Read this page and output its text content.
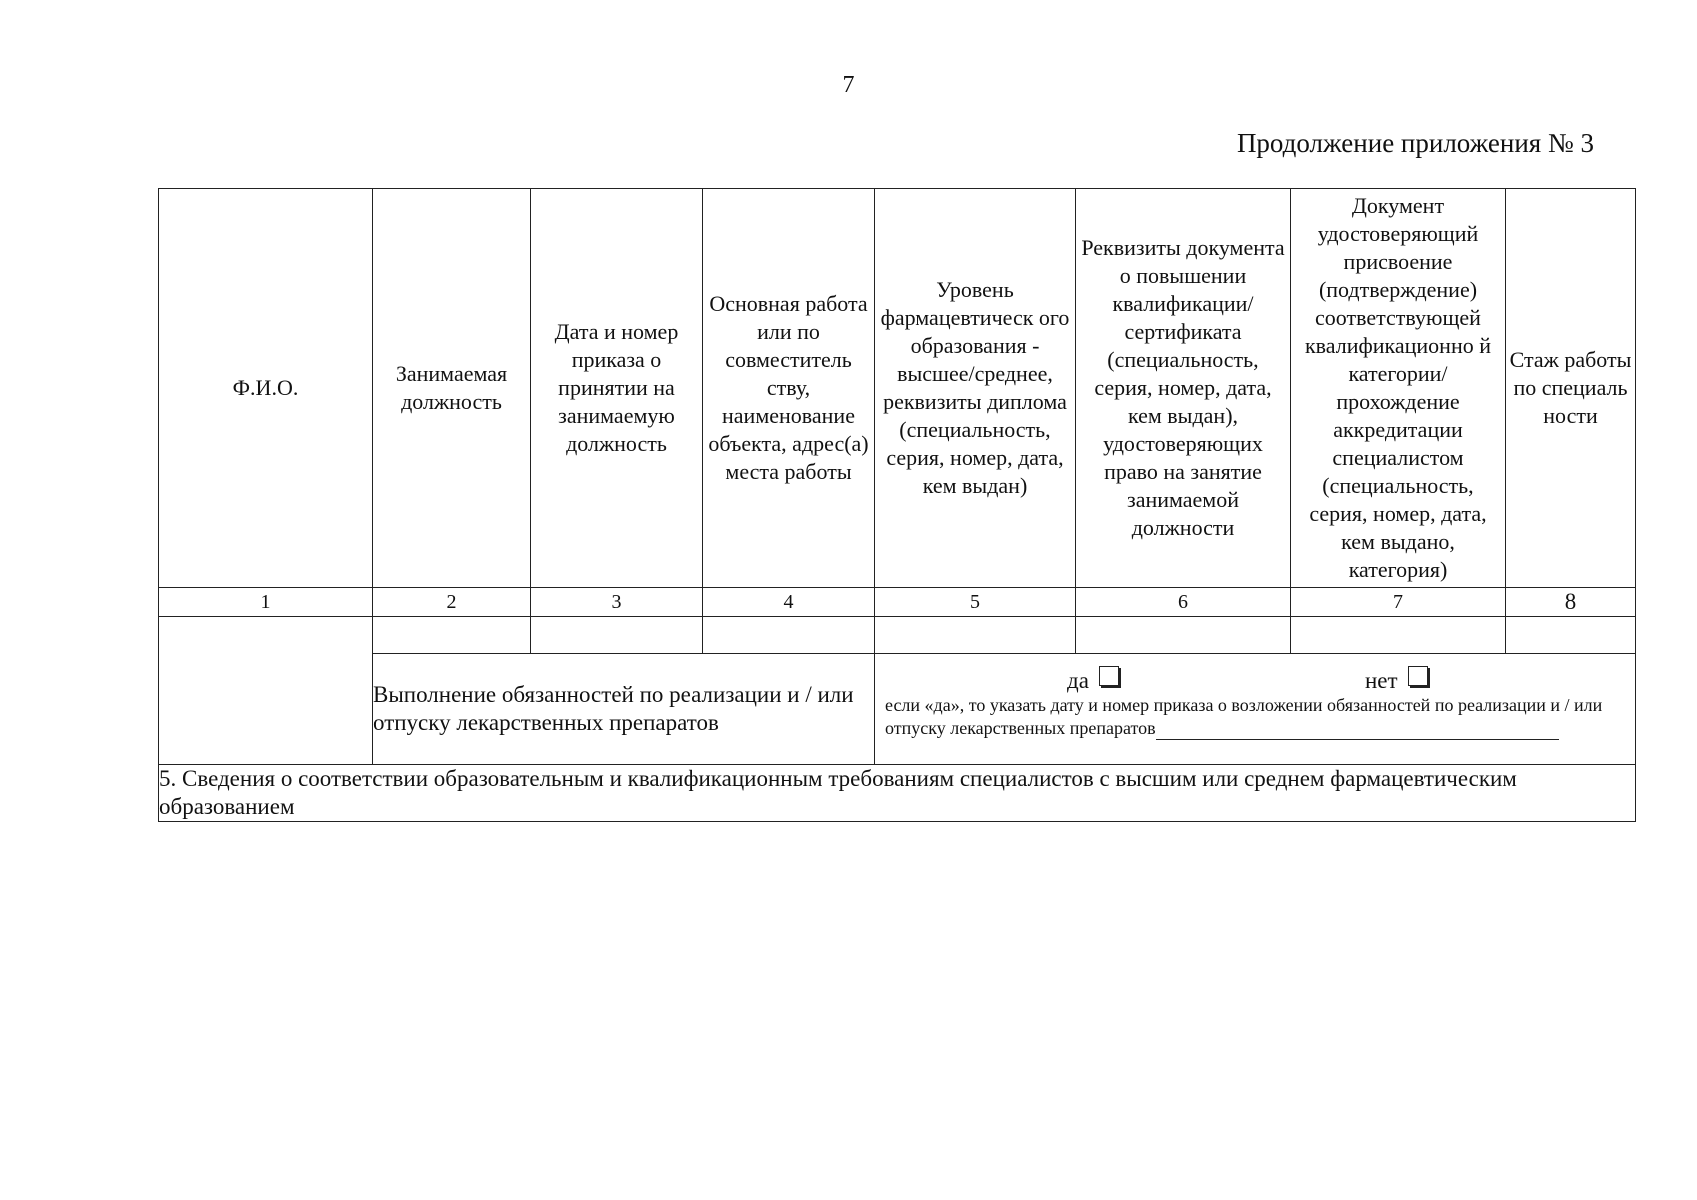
7
Продолжение приложения № 3
Ф.И.О.	Занимаемая должность	Дата и номер приказа о принятии на занимаемую должность	Основная работа или по совместитель ству, наименование объекта, адрес(а) места работы	Уровень фармацевтическ ого образования - высшее/среднее, реквизиты диплома (специальность, серия, номер, дата, кем выдан)	Реквизиты документа о повышении квалификации/ сертификата (специальность, серия, номер, дата, кем выдан), удостоверяющих право на занятие занимаемой должности	Документ удостоверяющий присвоение (подтверждение) соответствующей квалификационно й категории/ прохождение аккредитации специалистом (специальность, серия, номер, дата, кем выдано, категория)	Стаж работы по специаль ности
1	2	3	4	5	6	7	8

	Выполнение обязанностей по реализации и / или отпуску лекарственных препаратов			да нет
если «да», то указать дату и номер приказа о возложении обязанностей по реализации и / или отпуску лекарственных препаратов			

5. Сведения о соответствии образовательным и квалификационным требованиям специалистов с высшим или среднем фармацевтическим образованием							
